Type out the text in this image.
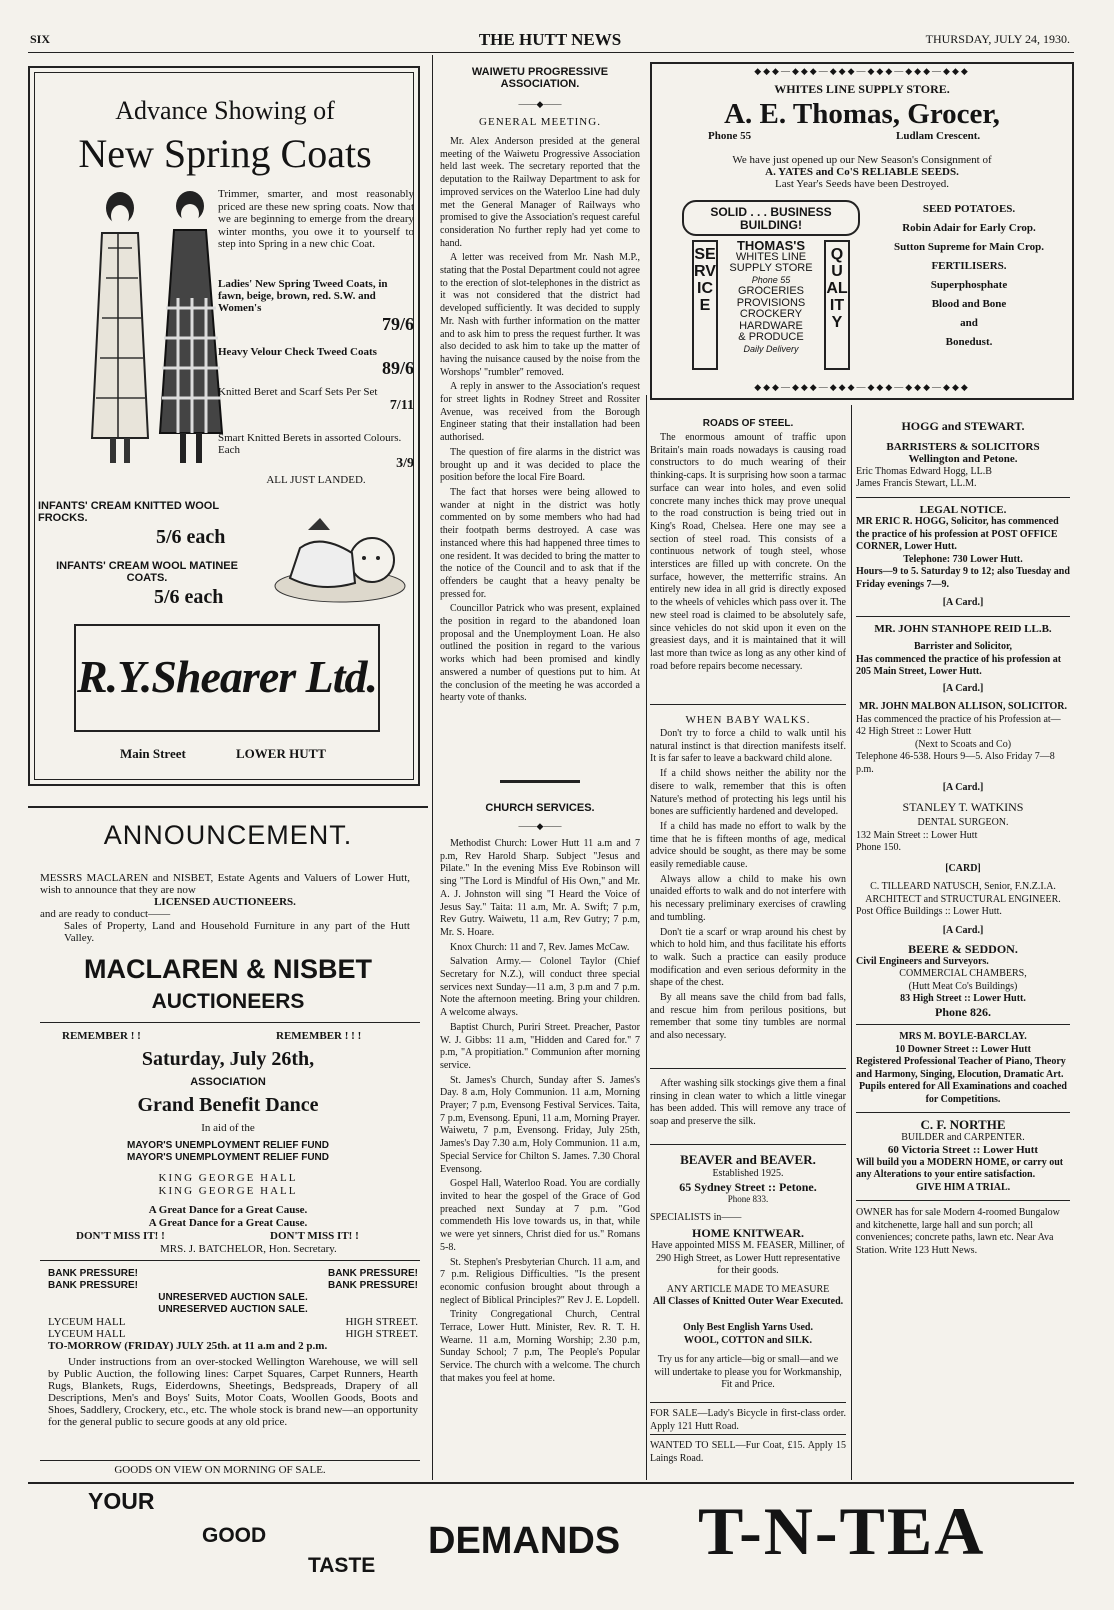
SIX	THE HUTT NEWS	THURSDAY, JULY 24, 1930.
Advance Showing of
New Spring Coats
Trimmer, smarter, and most reasonably priced are these new spring coats. Now that we are beginning to emerge from the dreary winter months, you owe it to yourself to step into Spring in a new chic Coat.
Ladies' New Spring Tweed Coats, in fawn, beige, brown, red. S.W. and Women's
79/6
Heavy Velour Check Tweed Coats
89/6
Knitted Beret and Scarf Sets Per Set
7/11
Smart Knitted Berets in assorted Colours. Each
3/9
ALL JUST LANDED.
INFANTS' CREAM KNITTED WOOL FROCKS.
5/6 each
INFANTS' CREAM WOOL MATINEE COATS.
5/6 each
R.Y.Shearer Ltd.
Main Street	LOWER HUTT
ANNOUNCEMENT.
MESSRS MACLAREN and NISBET, Estate Agents and Valuers of Lower Hutt, wish to announce that they are now
LICENSED AUCTIONEERS.
and are ready to conduct——
Sales of Property, Land and Household Furniture in any part of the Hutt Valley.
MACLAREN & NISBET
AUCTIONEERS
REMEMBER ! !	REMEMBER ! ! !
Saturday, July 26th,
ASSOCIATION
Grand Benefit Dance
In aid of the
MAYOR'S UNEMPLOYMENT RELIEF FUND
MAYOR'S UNEMPLOYMENT RELIEF FUND
KING GEORGE HALL
KING GEORGE HALL
A Great Dance for a Great Cause.
A Great Dance for a Great Cause.
DON'T MISS IT! !	DON'T MISS IT! !
MRS. J. BATCHELOR, Hon. Secretary.
BANK PRESSURE!	BANK PRESSURE!
BANK PRESSURE!	BANK PRESSURE!
UNRESERVED AUCTION SALE.
UNRESERVED AUCTION SALE.
LYCEUM HALL	HIGH STREET.
LYCEUM HALL	HIGH STREET.
TO-MORROW (FRIDAY) JULY 25th. at 11 a.m and 2 p.m.
Under instructions from an over-stocked Wellington Warehouse, we will sell by Public Auction, the following lines: Carpet Squares, Carpet Runners, Hearth Rugs, Blankets, Rugs, Eiderdowns, Sheetings, Bedspreads, Drapery of all Descriptions, Men's and Boys' Suits, Motor Coats, Woollen Goods, Boots and Shoes, Saddlery, Crockery, etc., etc. The whole stock is brand new—an opportunity for the general public to secure goods at any old price.
GOODS ON VIEW ON MORNING OF SALE.
WAIWETU PROGRESSIVE ASSOCIATION.
——◆——
GENERAL MEETING.

Mr. Alex Anderson presided at the general meeting of the Waiwetu Progressive Association held last week. The secretary reported that the deputation to the Railway Department to ask for improved services on the Waterloo Line had duly met the General Manager of Railways who promised to give the Association's request careful consideration No further reply had yet come to hand.

A letter was received from Mr. Nash M.P., stating that the Postal Department could not agree to the erection of slot-telephones in the district as it was not considered that the district had developed sufficiently. It was decided to supply Mr. Nash with further information on the matter and to ask him to press the request further. It was also decided to ask him to take up the matter of having the nuisance caused by the noise from the Worshops' "rumbler" removed.

A reply in answer to the Association's request for street lights in Rodney Street and Rossiter Avenue, was received from the Borough Engineer stating that their installation had been authorised.

The question of fire alarms in the district was brought up and it was decided to place the position before the local Fire Board.

The fact that horses were being allowed to wander at night in the district was hotly commented on by some members who had had their footpath berms destroyed. A case was instanced where this had happened three times to one resident. It was decided to bring the matter to the notice of the Council and to ask that if the offenders be caught that a heavy penalty be pressed for.

Councillor Patrick who was present, explained the position in regard to the abandoned loan proposal and the Unemployment Loan. He also outlined the position in regard to the various works which had been promised and kindly answered a number of questions put to him. At the conclusion of the meeting he was accorded a hearty vote of thanks.

CHURCH SERVICES.
——◆——

Methodist Church: Lower Hutt 11 a.m and 7 p.m, Rev Harold Sharp. Subject "Jesus and Pilate." In the evening Miss Eve Robinson will sing "The Lord is Mindful of His Own," and Mr. A. J. Johnston will sing "I Heard the Voice of Jesus Say." Taita: 11 a.m, Mr. A. Swift; 7 p.m, Rev Gutry. Waiwetu, 11 a.m, Rev Gutry; 7 p.m, Mr. S. Hoare.

Knox Church: 11 and 7, Rev. James McCaw.

Salvation Army.— Colonel Taylor (Chief Secretary for N.Z.), will conduct three special services next Sunday—11 a.m, 3 p.m and 7 p.m. Note the afternoon meeting. Bring your children. A welcome always.

Baptist Church, Puriri Street. Preacher, Pastor W. J. Gibbs: 11 a.m, "Hidden and Cared for." 7 p.m, "A propitiation." Communion after morning service.

St. James's Church, Sunday after S. James's Day. 8 a.m, Holy Communion. 11 a.m, Morning Prayer; 7 p.m, Evensong Festival Services. Taita, 7 p.m, Evensong. Epuni, 11 a.m, Morning Prayer. Waiwetu, 7 p.m, Evensong. Friday, July 25th, James's Day 7.30 a.m, Holy Communion. 11 a.m, Special Service for Chilton S. James. 7.30 Choral Evensong.

Gospel Hall, Waterloo Road. You are cordially invited to hear the gospel of the Grace of God preached next Sunday at 7 p.m. "God commendeth His love towards us, in that, while we were yet sinners, Christ died for us." Romans 5-8.

St. Stephen's Presbyterian Church. 11 a.m, and 7 p.m. Religious Difficulties. "Is the present economic confusion brought about through a neglect of Biblical Principles?" Rev J. E. Lopdell.

Trinity Congregational Church, Central Terrace, Lower Hutt. Minister, Rev. R. T. H. Wearne. 11 a.m, Morning Worship; 2.30 p.m, Sunday School; 7 p.m, The People's Popular Service. The church with a welcome. The church that makes you feel at home.

◆◆◆—◆◆◆—◆◆◆—◆◆◆—◆◆◆—◆◆◆
WHITES LINE SUPPLY STORE.
A. E. Thomas, Grocer,
Phone 55	Ludlam Crescent.
We have just opened up our New Season's Consignment of
A. YATES and Co'S RELIABLE SEEDS.
Last Year's Seeds have been Destroyed.
SOLID . . . BUSINESS BUILDING!
SERVICE
QUALITY
THOMAS'S
WHITES LINE
SUPPLY STORE
Phone 55
GROCERIES
PROVISIONS
CROCKERY
HARDWARE
& PRODUCE
Daily Delivery
SEED POTATOES.
Robin Adair for Early Crop.
Sutton Supreme for Main Crop.
FERTILISERS.
Superphosphate
Blood and Bone
and
Bonedust.
◆◆◆—◆◆◆—◆◆◆—◆◆◆—◆◆◆—◆◆◆
ROADS OF STEEL.

The enormous amount of traffic upon Britain's main roads nowadays is causing road constructors to do much wearing of their thinking-caps. It is surprising how soon a tarmac surface can wear into holes, and even solid concrete many inches thick may prove unequal to the road construction is being tried out in King's Road, Chelsea. Here one may see a section of steel road. This consists of a continuous network of tough steel, whose interstices are filled up with concrete. On the surface, however, the metterrific strains. An entirely new idea in all grid is directly exposed to the wheels of vehicles which pass over it. The new steel road is claimed to be absolutely safe, since vehicles do not skid upon it even on the greasiest days, and it is maintained that it will last more than twice as long as any other kind of road before repairs become necessary.

WHEN BABY WALKS.

Don't try to force a child to walk until his natural instinct is that direction manifests itself. It is far safer to leave a backward child alone.

If a child shows neither the ability nor the disere to walk, remember that this is often Nature's method of protecting his legs until his bones are sufficiently hardened and developed.

If a child has made no effort to walk by the time that he is fifteen months of age, medical advice should be sought, as there may be some easily remediable cause.

Always allow a child to make his own unaided efforts to walk and do not interfere with his necessary preliminary exercises of crawling and tumbling.

Don't tie a scarf or wrap around his chest by which to hold him, and thus facilitate his efforts to walk. Such a practice can easily produce modification and even serious deformity in the shape of the chest.

By all means save the child from bad falls, and rescue him from perilous positions, but remember that some tiny tumbles are normal and also necessary.

After washing silk stockings give them a final rinsing in clean water to which a little vinegar has been added. This will remove any trace of soap and preserve the silk.

BEAVER and BEAVER.
Established 1925.
65 Sydney Street :: Petone.
Phone 833.
SPECIALISTS in——
HOME KNITWEAR.
Have appointed MISS M. FEASER, Milliner, of 290 High Street, as Lower Hutt representative for their goods.
ANY ARTICLE MADE TO MEASURE
All Classes of Knitted Outer Wear Executed.
Only Best English Yarns Used.
WOOL, COTTON and SILK.
Try us for any article—big or small—and we will undertake to please you for Workmanship, Fit and Price.
FOR SALE—Lady's Bicycle in first-class order. Apply 121 Hutt Road.
WANTED TO SELL—Fur Coat, £15. Apply 15 Laings Road.

HOGG and STEWART.

BARRISTERS & SOLICITORS

Wellington and Petone.

Eric Thomas Edward Hogg, LL.B

James Francis Stewart, LL.M.

LEGAL NOTICE.

MR ERIC R. HOGG, Solicitor, has commenced the practice of his profession at POST OFFICE CORNER, Lower Hutt.

Telephone: 730 Lower Hutt.

Hours—9 to 5. Saturday 9 to 12; also Tuesday and Friday evenings 7—9.

[A Card.]

MR. JOHN STANHOPE REID LL.B.

Barrister and Solicitor,

Has commenced the practice of his profession at 205 Main Street, Lower Hutt.

[A Card.]

MR. JOHN MALBON ALLISON, SOLICITOR.

Has commenced the practice of his Profession at—

42 High Street :: Lower Hutt

(Next to Scoats and Co)

Telephone 46-538. Hours 9—5. Also Friday 7—8 p.m.

[A Card.]

STANLEY T. WATKINS

DENTAL SURGEON.

132 Main Street :: Lower Hutt

Phone 150.

[CARD]

C. TILLEARD NATUSCH, Senior, F.N.Z.I.A.

ARCHITECT and STRUCTURAL ENGINEER.

Post Office Buildings :: Lower Hutt.

[A Card.]

BEERE & SEDDON.

Civil Engineers and Surveyors.

COMMERCIAL CHAMBERS,

(Hutt Meat Co's Buildings)

83 High Street :: Lower Hutt.

Phone 826.

MRS M. BOYLE-BARCLAY.

10 Downer Street :: Lower Hutt

Registered Professional Teacher of Piano, Theory and Harmony, Singing, Elocution, Dramatic Art.

Pupils entered for All Examinations and coached for Competitions.

C. F. NORTHE

BUILDER and CARPENTER.

60 Victoria Street :: Lower Hutt

Will build you a MODERN HOME, or carry out any Alterations to your entire satisfaction.

GIVE HIM A TRIAL.

OWNER has for sale Modern 4-roomed Bungalow and kitchenette, large hall and sun porch; all conveniences; concrete paths, lawn etc. Near Ava Station. Write 123 Hutt News.

YOUR
GOOD
TASTE
DEMANDS T-N-TEA
